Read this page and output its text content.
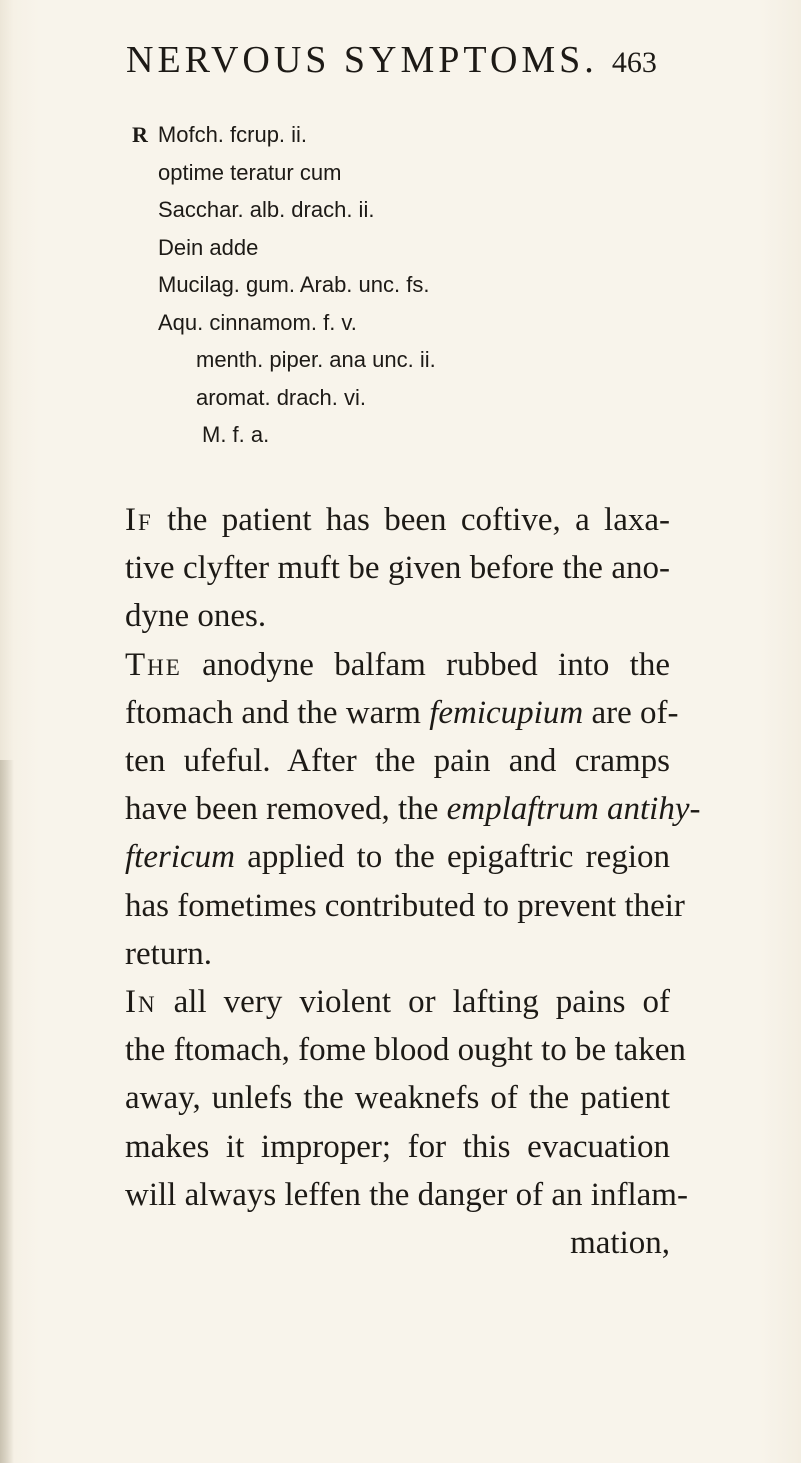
NERVOUS SYMPTOMS. 463
R Mofch. fcrup. ii.
optime teratur cum
Sacchar. alb. drach. ii.
Dein adde
Mucilag. gum. Arab. unc. fs.
Aqu. cinnamom. f. v.
menth. piper. ana unc. ii.
aromat. drach. vi.
M. f. a.
If the patient has been coftive, a laxa-
tive clyfter muft be given before the ano-
dyne ones.
The anodyne balfam rubbed into the
ftomach and the warm femicupium are of-
ten ufeful. After the pain and cramps
have been removed, the emplaftrum antihy-
ftericum applied to the epigaftric region
has fometimes contributed to prevent their
return.
In all very violent or lafting pains of
the ftomach, fome blood ought to be taken
away, unlefs the weaknefs of the patient
makes it improper; for this evacuation
will always leffen the danger of an inflam-
mation,
